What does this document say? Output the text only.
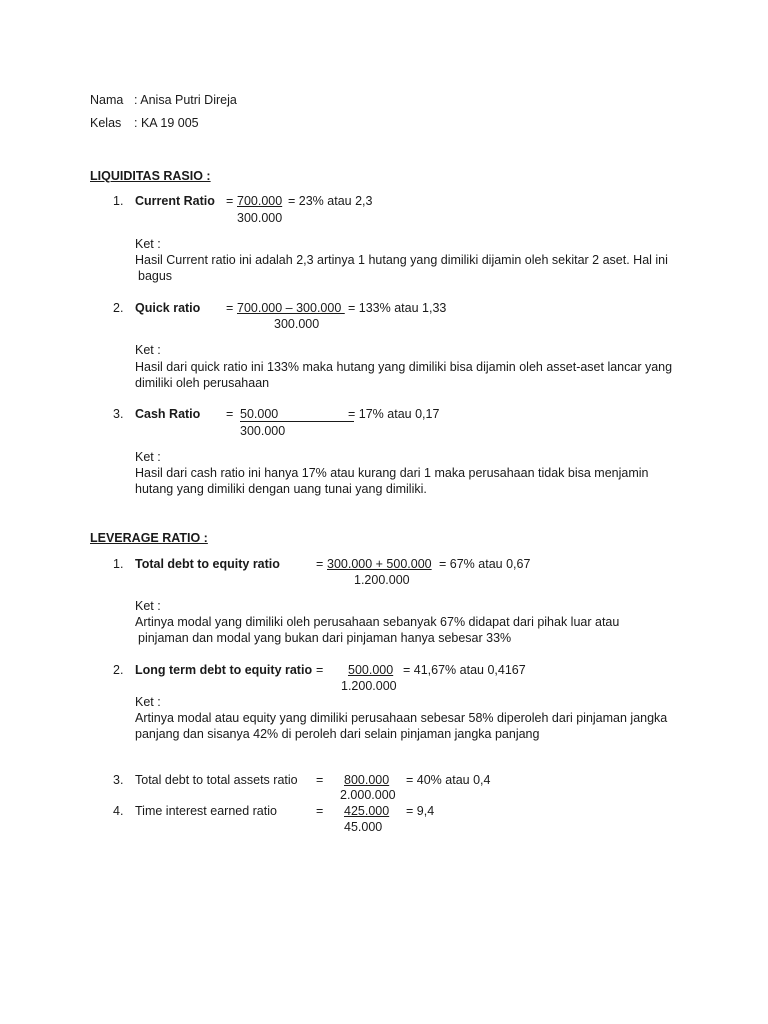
Nama : Anisa Putri Direja
Kelas : KA 19 005
LIQUIDITAS RASIO :
1. Current Ratio = 700.000 = 23% atau 2,3
300.000
Ket :
Hasil Current ratio ini adalah 2,3 artinya 1 hutang yang dimiliki dijamin oleh sekitar 2 aset. Hal ini
bagus
2. Quick ratio = 700.000 – 300.000 = 133% atau 1,33
300.000
Ket :
Hasil dari quick ratio ini 133% maka hutang yang dimiliki bisa dijamin oleh asset-aset lancar yang
dimiliki oleh perusahaan
3. Cash Ratio = 50.000	= 17% atau 0,17
300.000
Ket :
Hasil dari cash ratio ini hanya 17% atau kurang dari 1 maka perusahaan tidak bisa menjamin
hutang yang dimiliki dengan uang tunai yang dimiliki.
LEVERAGE RATIO :
1. Total debt to equity ratio	= 300.000 + 500.000 = 67% atau 0,67
1.200.000
Ket :
Artinya modal yang dimiliki oleh perusahaan sebanyak 67% didapat dari pihak luar atau
pinjaman dan modal yang bukan dari pinjaman hanya sebesar 33%
2. Long term debt to equity ratio = 500.000 = 41,67% atau 0,4167
1.200.000
Ket :
Artinya modal atau equity yang dimiliki perusahaan sebesar 58% diperoleh dari pinjaman jangka
panjang dan sisanya 42% di peroleh dari selain pinjaman jangka panjang
3. Total debt to total assets ratio = 800.000 = 40% atau 0,4
2.000.000
4. Time interest earned ratio	= 425.000 = 9,4
45.000
